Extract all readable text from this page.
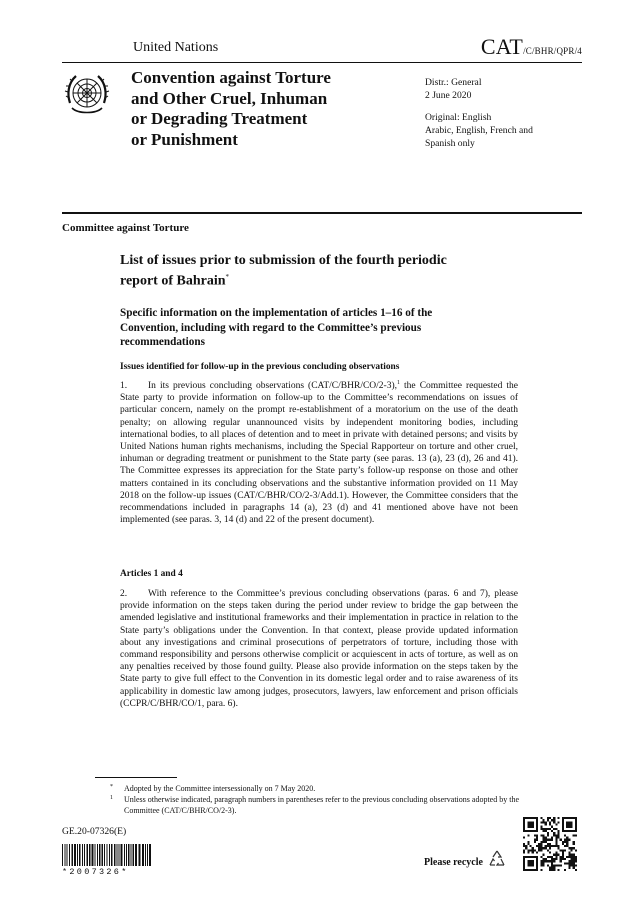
United Nations	CAT/C/BHR/QPR/4
Convention against Torture
and Other Cruel, Inhuman
or Degrading Treatment
or Punishment
Distr.: General
2 June 2020
Original: English
Arabic, English, French and
Spanish only
Committee against Torture
List of issues prior to submission of the fourth periodic
report of Bahrain*
Specific information on the implementation of articles 1–16 of the
Convention, including with regard to the Committee’s previous
recommendations
Issues identified for follow-up in the previous concluding observations
1. In its previous concluding observations (CAT/C/BHR/CO/2-3),$^1$ the Committee requested the State party to provide information on follow-up to the Committee’s recommendations on issues of particular concern, namely on the prompt re-establishment of a moratorium on the use of the death penalty; on allowing regular unannounced visits by independent monitoring bodies, including international bodies, to all places of detention and to meet in private with detained persons; and visits by United Nations human rights mechanisms, including the Special Rapporteur on torture and other cruel, inhuman or degrading treatment or punishment to the State party (see paras. 13 (a), 23 (d), 26 and 41). The Committee expresses its appreciation for the State party’s follow-up response on those and other matters contained in its concluding observations and the substantive information provided on 11 May 2018 on the follow-up issues (CAT/C/BHR/CO/2-3/Add.1). However, the Committee considers that the recommendations included in paragraphs 14 (a), 23 (d) and 41 mentioned above have not been implemented (see paras. 3, 14 (d) and 22 of the present document).
Articles 1 and 4
2. With reference to the Committee’s previous concluding observations (paras. 6 and 7), please provide information on the steps taken during the period under review to bridge the gap between the amended legislative and institutional frameworks and their implementation in practice in relation to the State party’s obligations under the Convention. In that context, please provide updated information about any investigations and criminal prosecutions of perpetrators of torture, including those with command responsibility and persons otherwise complicit or acquiescent in acts of torture, as well as on any penalties received by those found guilty. Please also provide information on the steps taken by the State party to give full effect to the Convention in its domestic legal order and to raise awareness of its applicability in domestic law among judges, prosecutors, lawyers, law enforcement and prison officials (CCPR/C/BHR/CO/1, para. 6).
* Adopted by the Committee intersessionally on 7 May 2020.
1 Unless otherwise indicated, paragraph numbers in parentheses refer to the previous concluding observations adopted by the Committee (CAT/C/BHR/CO/2-3).
GE.20-07326(E)
*2007326*
Please recycle
